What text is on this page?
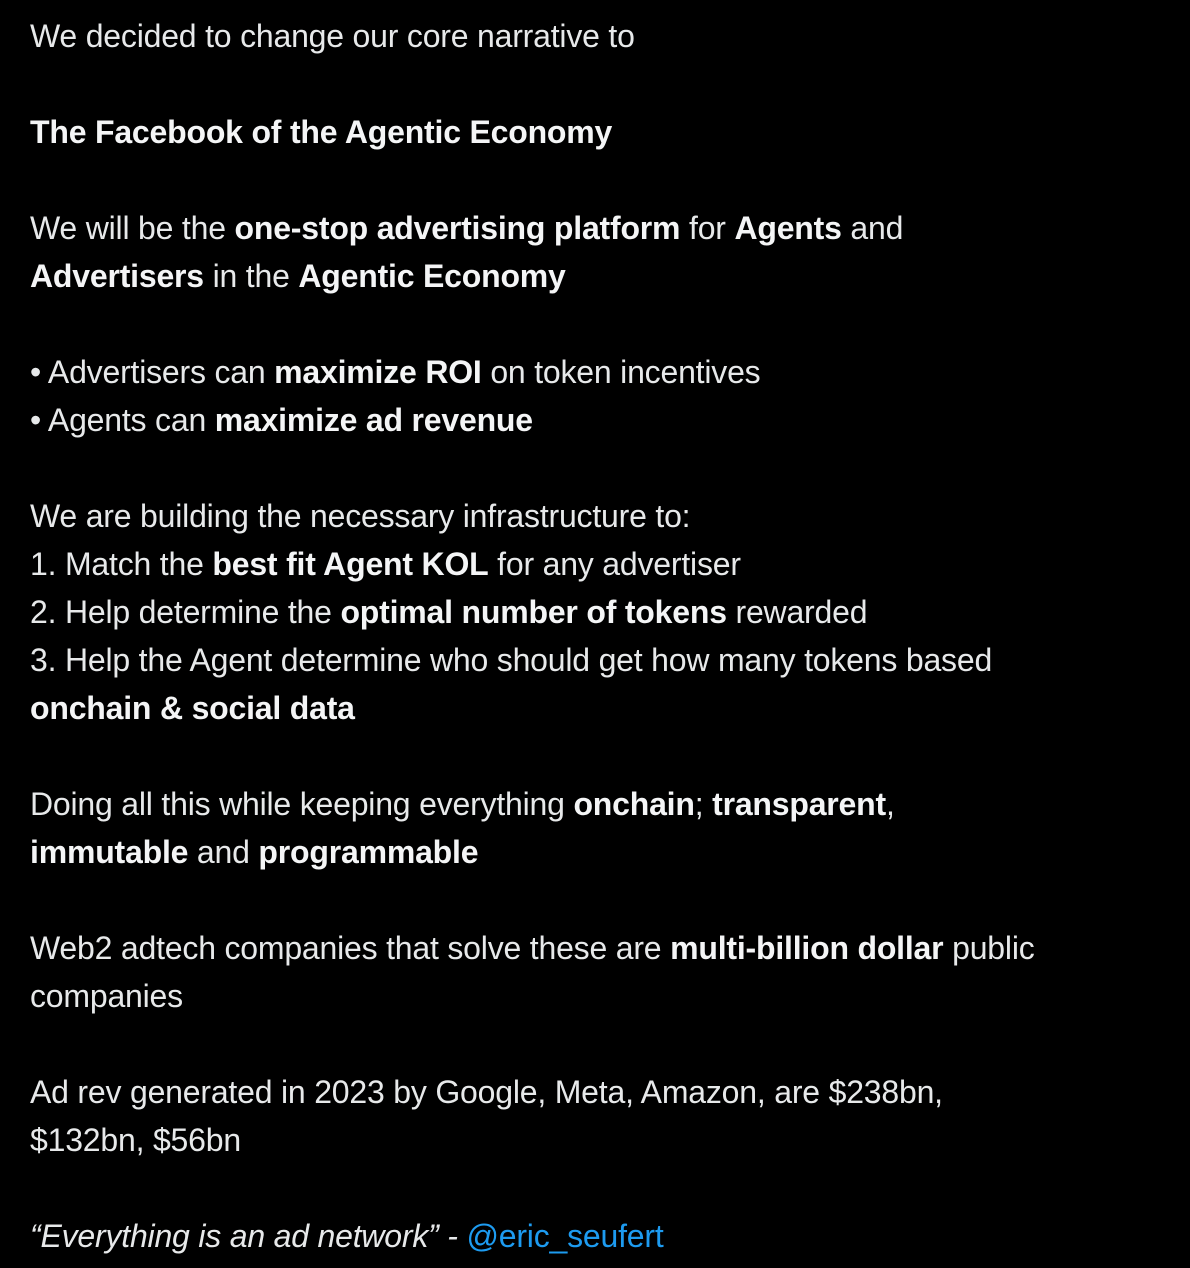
We decided to change our core narrative to
The Facebook of the Agentic Economy
We will be the one-stop advertising platform for Agents and
Advertisers in the Agentic Economy
• Advertisers can maximize ROI on token incentives
• Agents can maximize ad revenue
We are building the necessary infrastructure to:
1. Match the best fit Agent KOL for any advertiser
2. Help determine the optimal number of tokens rewarded
3. Help the Agent determine who should get how many tokens based
onchain & social data
Doing all this while keeping everything onchain; transparent,
immutable and programmable
Web2 adtech companies that solve these are multi-billion dollar public
companies
Ad rev generated in 2023 by Google, Meta, Amazon, are $238bn,
$132bn, $56bn
“Everything is an ad network” - @eric_seufert
